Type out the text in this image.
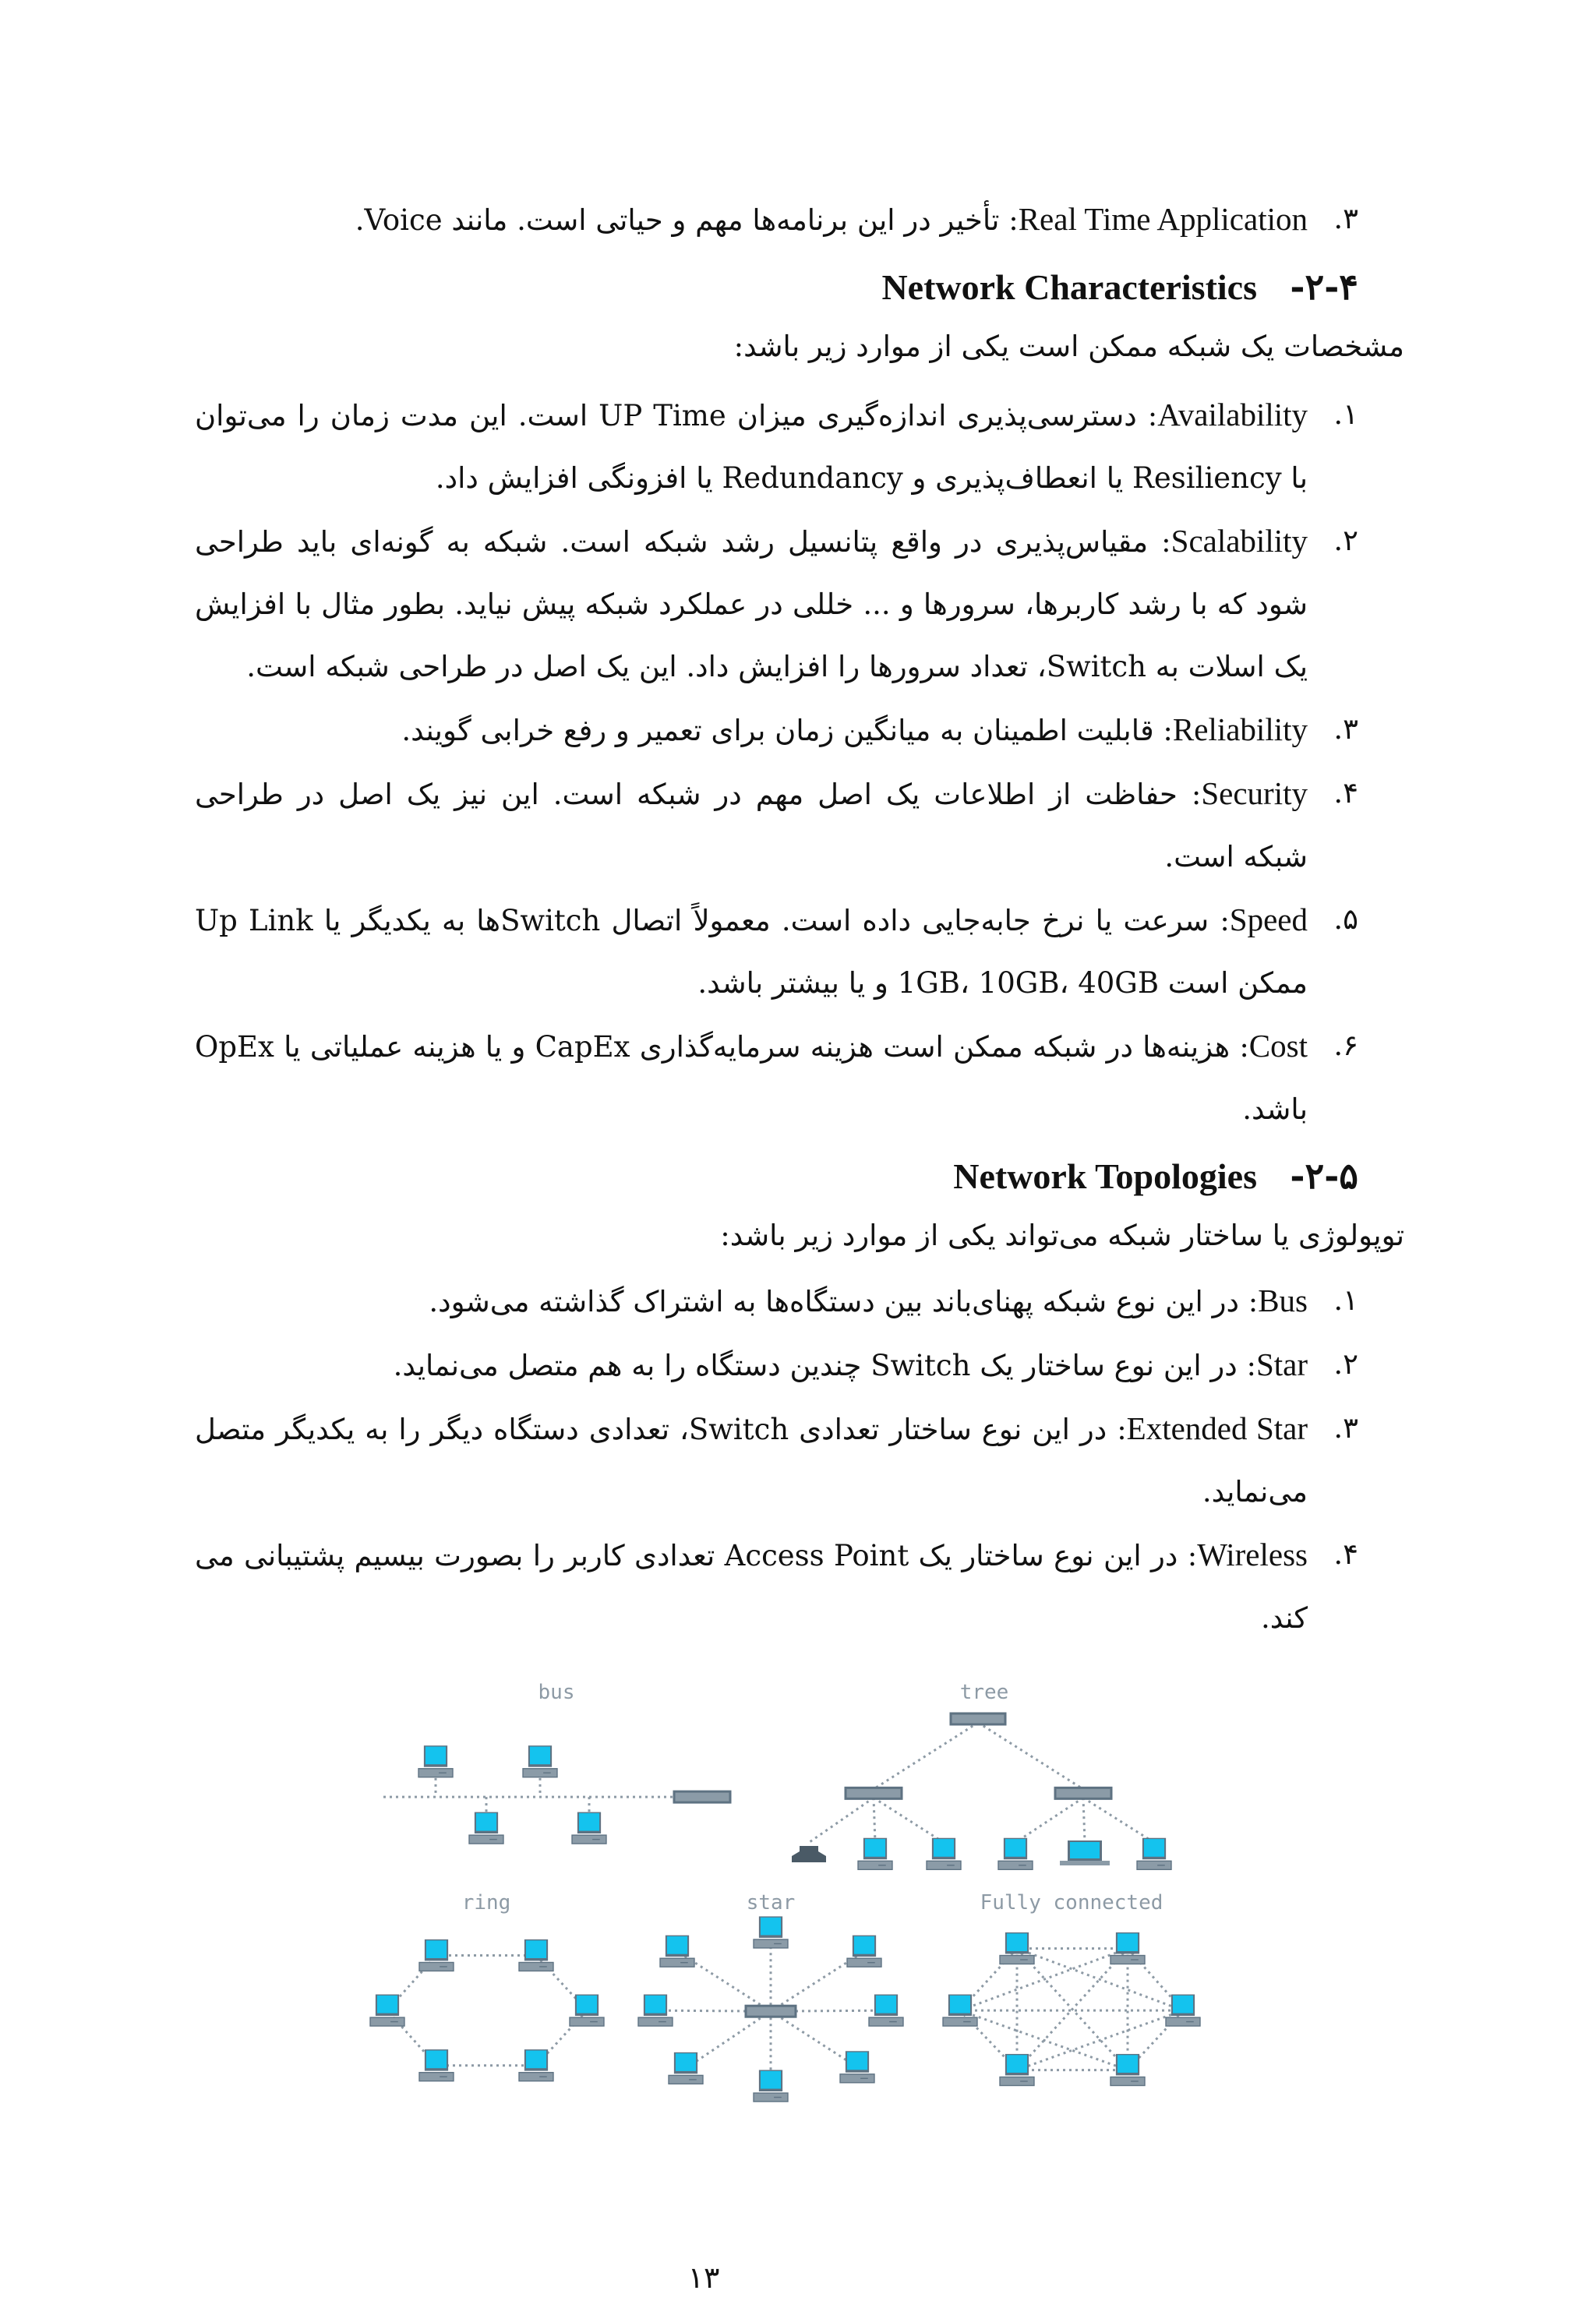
۳.
Real Time Application: تأخیر در این برنامه‌ها مهم و حیاتی است. مانند Voice.
۲-۴-Network Characteristics
مشخصات یک شبکه ممکن است یکی از موارد زیر باشد:
۱.
Availability: دسترسی‌پذیری اندازه‌گیری میزان UP Time است. این مدت زمان را می‌توان با Resiliency یا انعطاف‌پذیری و Redundancy یا افزونگی افزایش داد.
۲.
Scalability: مقیاس‌پذیری در واقع پتانسیل رشد شبکه است. شبکه به گونه‌ای باید طراحی شود که با رشد کاربرها، سرورها و ... خللی در عملکرد شبکه پیش نیاید. بطور مثال با افزایش یک اسلات به Switch، تعداد سرورها را افزایش داد. این یک اصل در طراحی شبکه است.
۳.
Reliability: قابلیت اطمینان به میانگین زمان برای تعمیر و رفع خرابی گویند.
۴.
Security: حفاظت از اطلاعات یک اصل مهم در شبکه است. این نیز یک اصل در طراحی شبکه است.
۵.
Speed: سرعت یا نرخ جابه‌جایی داده است. معمولاً اتصال Switchها به یکدیگر یا Up Link ممکن است 1GB، 10GB، 40GB و یا بیشتر باشد.
۶.
Cost: هزینه‌ها در شبکه ممکن است هزینه سرمایه‌گذاری CapEx و یا هزینه عملیاتی یا OpEx باشد.
۲-۵-Network Topologies
توپولوژی یا ساختار شبکه می‌تواند یکی از موارد زیر باشد:
۱.
Bus: در این نوع شبکه پهنای‌باند بین دستگاه‌ها به اشتراک گذاشته می‌شود.
۲.
Star: در این نوع ساختار یک Switch چندین دستگاه را به هم متصل می‌نماید.
۳.
Extended Star: در این نوع ساختار تعدادی Switch، تعدادی دستگاه دیگر را به یکدیگر متصل می‌نماید.
۴.
Wireless: در این نوع ساختار یک Access Point تعدادی کاربر را بصورت بیسیم پشتیبانی می کند.
bus	tree
ring	star	Fully connected
۱۳
